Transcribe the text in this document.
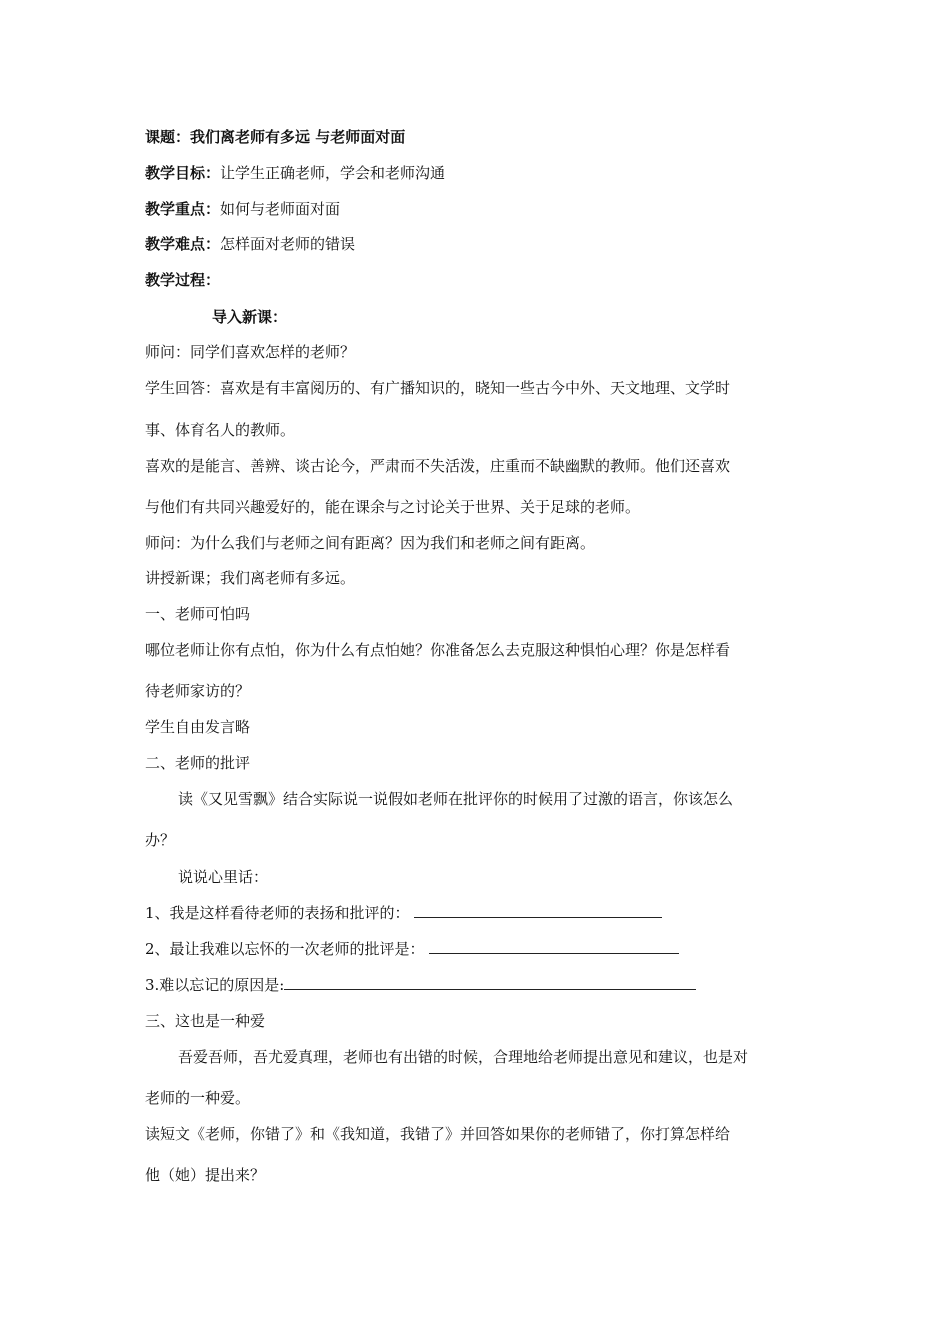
课题：我们离老师有多远 与老师面对面
教学目标：让学生正确老师，学会和老师沟通
教学重点：如何与老师面对面
教学难点：怎样面对老师的错误
教学过程：
导入新课：
师问：同学们喜欢怎样的老师？
学生回答：喜欢是有丰富阅历的、有广播知识的，晓知一些古今中外、天文地理、文学时
事、体育名人的教师。
喜欢的是能言、善辨、谈古论今，严肃而不失活泼，庄重而不缺幽默的教师。他们还喜欢
与他们有共同兴趣爱好的，能在课余与之讨论关于世界、关于足球的老师。
师问：为什么我们与老师之间有距离？因为我们和老师之间有距离。
讲授新课；我们离老师有多远。
一、老师可怕吗
哪位老师让你有点怕，你为什么有点怕她？你准备怎么去克服这种惧怕心理？你是怎样看
待老师家访的？
学生自由发言略
二、老师的批评
读《又见雪飘》结合实际说一说假如老师在批评你的时候用了过激的语言，你该怎么
办？
说说心里话：
1、我是这样看待老师的表扬和批评的：
2、最让我难以忘怀的一次老师的批评是：
3.难以忘记的原因是:
三、这也是一种爱
吾爱吾师，吾尤爱真理，老师也有出错的时候，合理地给老师提出意见和建议，也是对
老师的一种爱。
读短文《老师，你错了》和《我知道，我错了》并回答如果你的老师错了，你打算怎样给
他（她）提出来？
